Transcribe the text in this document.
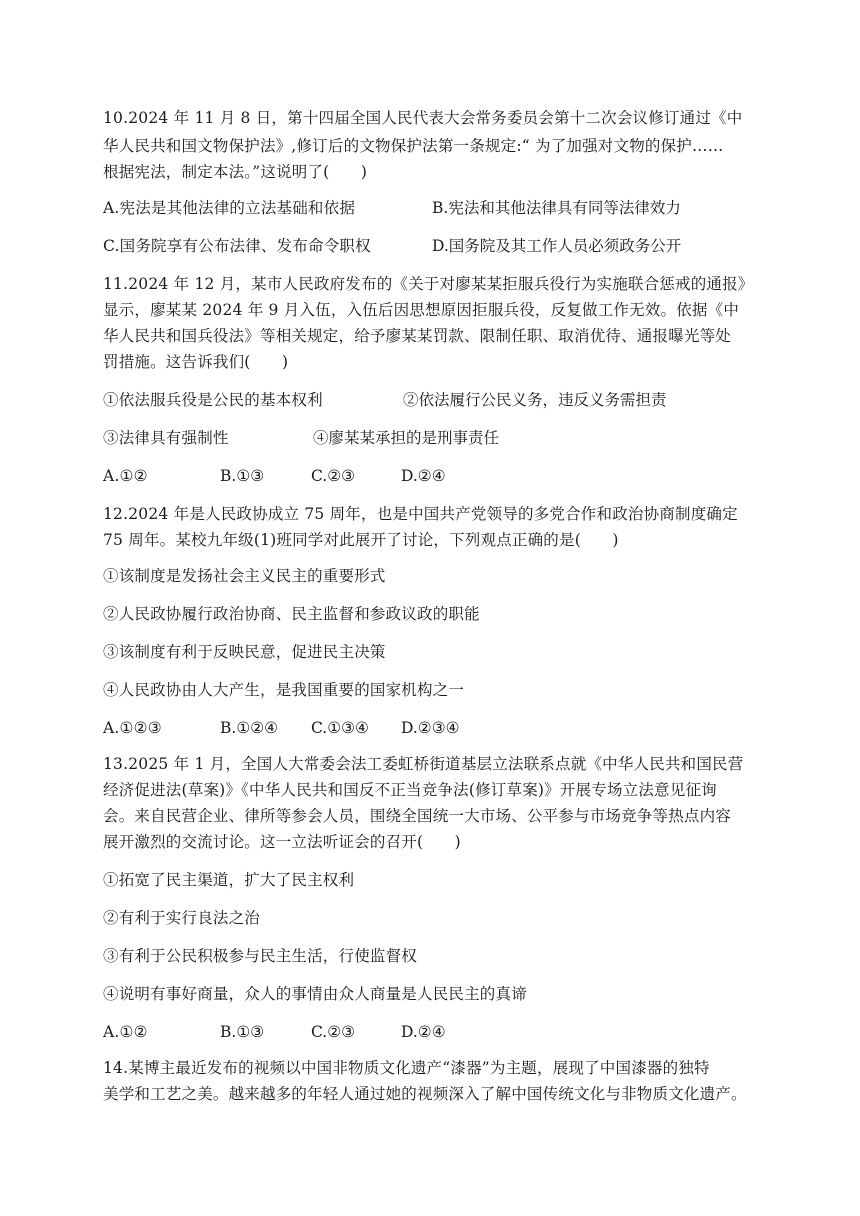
10.2024 年 11 月 8 日，第十四届全国人民代表大会常务委员会第十二次会议修订通过《中

华人民共和国文物保护法》,修订后的文物保护法第一条规定:“ 为了加强对文物的保护……

根据宪法，制定本法。”这说明了(　　)

A.宪法是其他法律的立法基础和依据	B.宪法和其他法律具有同等法律效力

C.国务院享有公布法律、发布命令职权	D.国务院及其工作人员必须政务公开

11.2024 年 12 月，某市人民政府发布的《关于对廖某某拒服兵役行为实施联合惩戒的通报》

显示，廖某某 2024 年 9 月入伍，入伍后因思想原因拒服兵役，反复做工作无效。依据《中

华人民共和国兵役法》等相关规定，给予廖某某罚款、限制任职、取消优待、通报曝光等处

罚措施。这告诉我们(　　)

①依法服兵役是公民的基本权利	②依法履行公民义务，违反义务需担责

③法律具有强制性	④廖某某承担的是刑事责任

A.①②	B.①③	C.②③	D.②④

12.2024 年是人民政协成立 75 周年，也是中国共产党领导的多党合作和政治协商制度确定

75 周年。某校九年级(1)班同学对此展开了讨论，下列观点正确的是(　　)

①该制度是发扬社会主义民主的重要形式

②人民政协履行政治协商、民主监督和参政议政的职能

③该制度有利于反映民意，促进民主决策

④人民政协由人大产生，是我国重要的国家机构之一

A.①②③	B.①②④ C.①③④ D.②③④

13.2025 年 1 月，全国人大常委会法工委虹桥街道基层立法联系点就《中华人民共和国民营

经济促进法(草案)》《中华人民共和国反不正当竞争法(修订草案)》开展专场立法意见征询

会。来自民营企业、律所等参会人员，围绕全国统一大市场、公平参与市场竞争等热点内容

展开激烈的交流讨论。这一立法听证会的召开(　　)

①拓宽了民主渠道，扩大了民主权利

②有利于实行良法之治

③有利于公民积极参与民主生活，行使监督权

④说明有事好商量，众人的事情由众人商量是人民民主的真谛

A.①②	B.①③	C.②③	D.②④

14.某博主最近发布的视频以中国非物质文化遗产“漆器”为主题，展现了中国漆器的独特

美学和工艺之美。越来越多的年轻人通过她的视频深入了解中国传统文化与非物质文化遗产。
